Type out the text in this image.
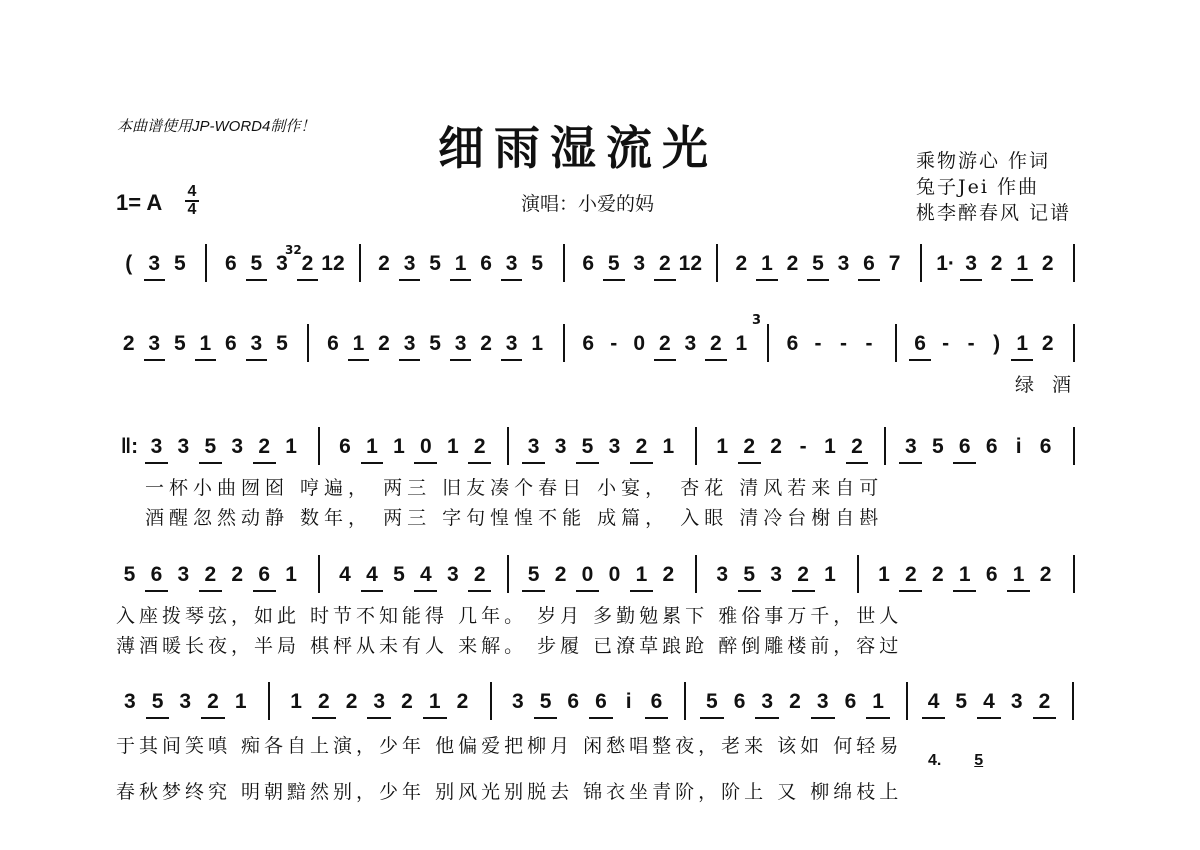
本曲谱使用JP-WORD4制作！	细雨湿流光
1= A 4
4	演唱：小爱的妈
乘物游心 作词
兔子Jei 作曲
桃李醉春风 记谱
( 3 5	6 5 3 2 12	2 3 5 1 6 3 5	6 5 3 2 12	2 1 2 5 3 6 7	1· 3 2 1 2
32
2 3 5 1 6 3 5	6 1 2 3 5 3 2 3 1	6 - 0 2 3 2 1	6 - - -	6 - - ) 1 2
3
‖: 3 3 5 3 2 1	6 1 1 0 1 2	3 3 5 3 2 1	1 2 2 - 1 2	3 5 6 6 i 6
5 6 3 2 2 6 1	4 4 5 4 3 2	5 2 0 0 1 2	3 5 3 2 1	1 2 2 1 6 1 2
3 5 3 2 1	1 2 2 3 2 1 2	3 5 6 6 i 6	5 6 3 2 3 6 1	4 5 4 3 2
绿 酒
一杯小曲囫囵 哼遍， 两三 旧友凑个春日 小宴， 杏花 清风若来自可
酒醒忽然动静 数年， 两三 字句惶惶不能 成篇， 入眼 清冷台榭自斟
入座拨琴弦，如此 时节不知能得 几年。 岁月 多勤勉累下 雅俗事万千，世人
薄酒暖长夜，半局 棋枰从未有人 来解。 步履 已潦草踉跄 醉倒雕楼前，容过
于其间笑嗔 痴各自上演，少年 他偏爱把柳月 闲愁唱整夜，老来 该如 何轻易
春秋梦终究 明朝黯然别，少年 别风光别脱去 锦衣坐青阶，阶上 又 柳绵枝上
4. 5
